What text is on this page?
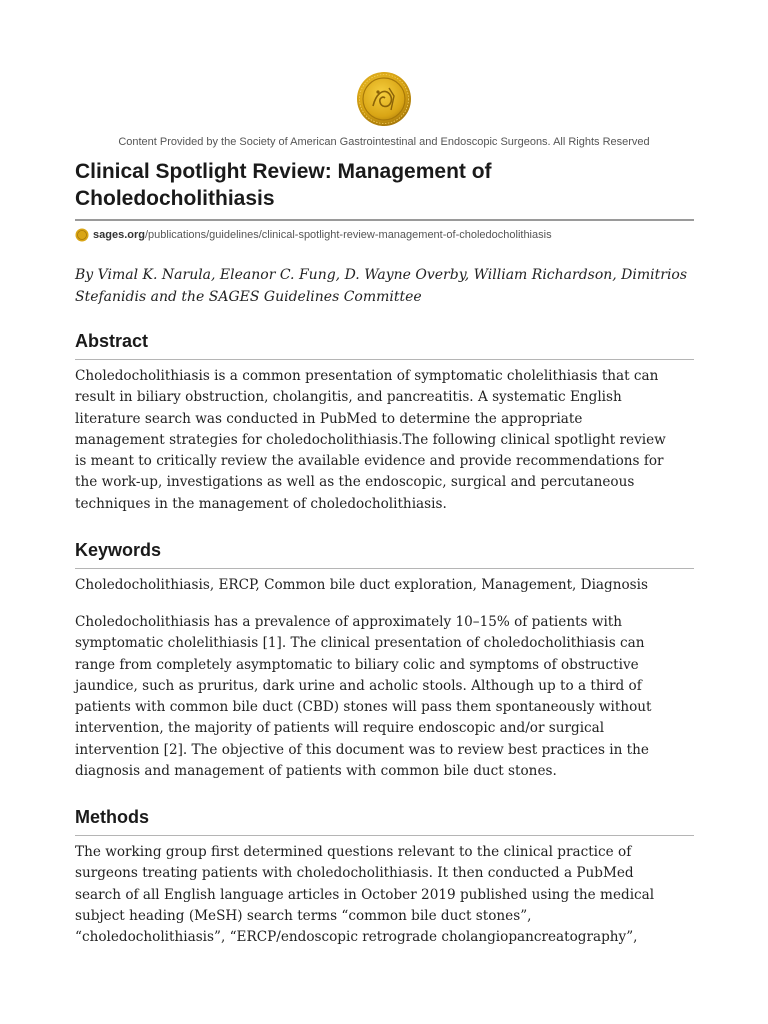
Content Provided by the Society of American Gastrointestinal and Endoscopic Surgeons. All Rights Reserved
Clinical Spotlight Review: Management of Choledocholithiasis
sages.org /publications/guidelines/clinical-spotlight-review-management-of-choledocholithiasis

By Vimal K. Narula, Eleanor C. Fung, D. Wayne Overby, William Richardson, Dimitrios
Stefanidis and the SAGES Guidelines Committee

Abstract

Choledocholithiasis is a common presentation of symptomatic cholelithiasis that can
result in biliary obstruction, cholangitis, and pancreatitis. A systematic English
literature search was conducted in PubMed to determine the appropriate
management strategies for choledocholithiasis.The following clinical spotlight review
is meant to critically review the available evidence and provide recommendations for
the work-up, investigations as well as the endoscopic, surgical and percutaneous
techniques in the management of choledocholithiasis.

Keywords

Choledocholithiasis, ERCP, Common bile duct exploration, Management, Diagnosis

Choledocholithiasis has a prevalence of approximately 10–15% of patients with
symptomatic cholelithiasis [1]. The clinical presentation of choledocholithiasis can
range from completely asymptomatic to biliary colic and symptoms of obstructive
jaundice, such as pruritus, dark urine and acholic stools. Although up to a third of
patients with common bile duct (CBD) stones will pass them spontaneously without
intervention, the majority of patients will require endoscopic and/or surgical
intervention [2]. The objective of this document was to review best practices in the
diagnosis and management of patients with common bile duct stones.

Methods

The working group first determined questions relevant to the clinical practice of
surgeons treating patients with choledocholithiasis. It then conducted a PubMed
search of all English language articles in October 2019 published using the medical
subject heading (MeSH) search terms “common bile duct stones”,
“choledocholithiasis”, “ERCP/endoscopic retrograde cholangiopancreatography”,
